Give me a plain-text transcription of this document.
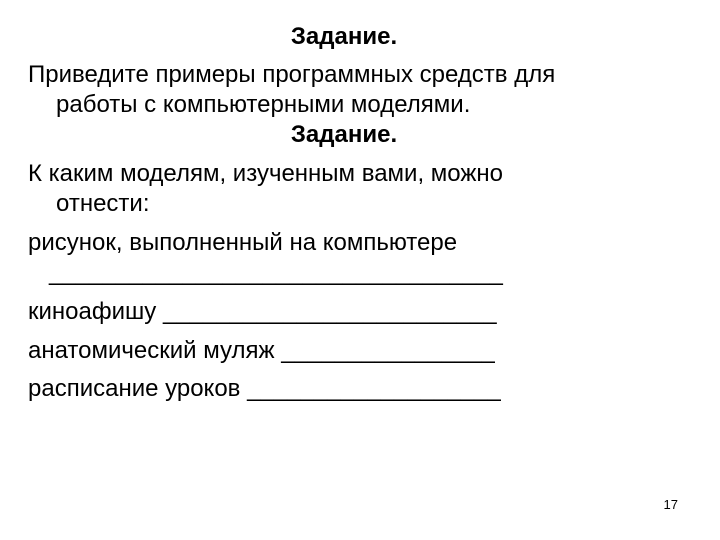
Задание.
Приведите примеры программных средств для
работы с компьютерными моделями.
Задание.
К каким моделям, изученным вами, можно
отнести:
рисунок, выполненный на компьютере
__________________________________
киноафишу _________________________
анатомический муляж ________________
расписание уроков ___________________
17
